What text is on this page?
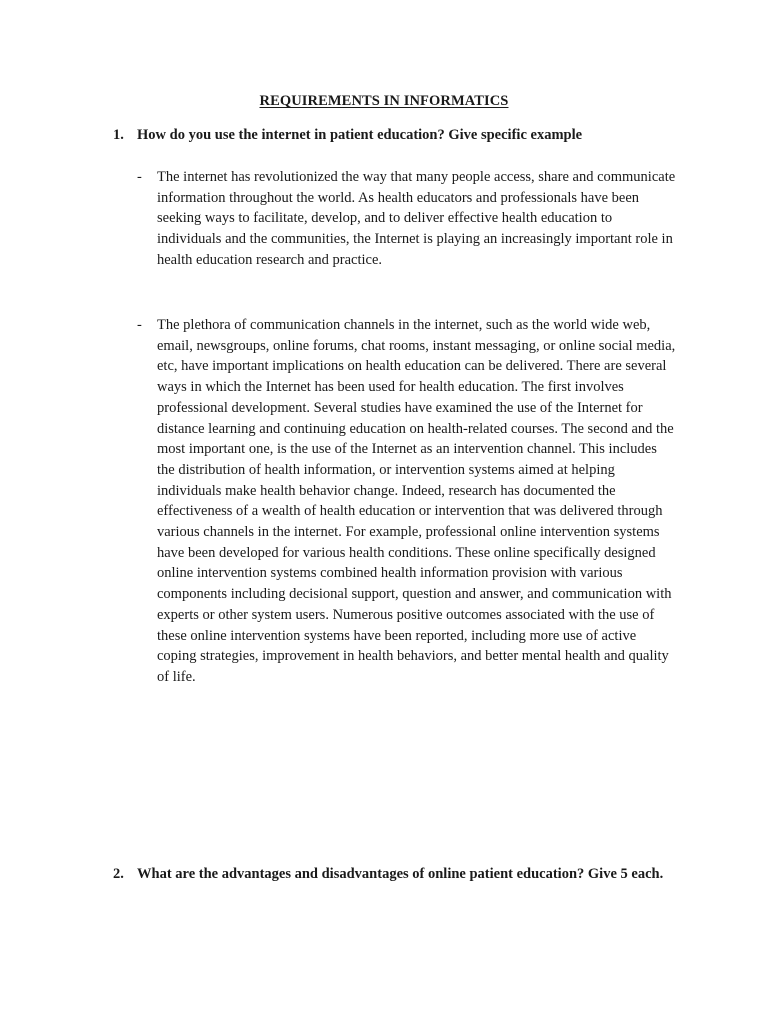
REQUIREMENTS IN INFORMATICS
1. How do you use the internet in patient education? Give specific example
- The internet has revolutionized the way that many people access, share and communicate information throughout the world. As health educators and professionals have been seeking ways to facilitate, develop, and to deliver effective health education to individuals and the communities, the Internet is playing an increasingly important role in health education research and practice.
- The plethora of communication channels in the internet, such as the world wide web, email, newsgroups, online forums, chat rooms, instant messaging, or online social media, etc, have important implications on health education can be delivered. There are several ways in which the Internet has been used for health education. The first involves professional development. Several studies have examined the use of the Internet for distance learning and continuing education on health-related courses. The second and the most important one, is the use of the Internet as an intervention channel. This includes the distribution of health information, or intervention systems aimed at helping individuals make health behavior change. Indeed, research has documented the effectiveness of a wealth of health education or intervention that was delivered through various channels in the internet. For example, professional online intervention systems have been developed for various health conditions. These online specifically designed online intervention systems combined health information provision with various components including decisional support, question and answer, and communication with experts or other system users. Numerous positive outcomes associated with the use of these online intervention systems have been reported, including more use of active coping strategies, improvement in health behaviors, and better mental health and quality of life.
2. What are the advantages and disadvantages of online patient education? Give 5 each.
